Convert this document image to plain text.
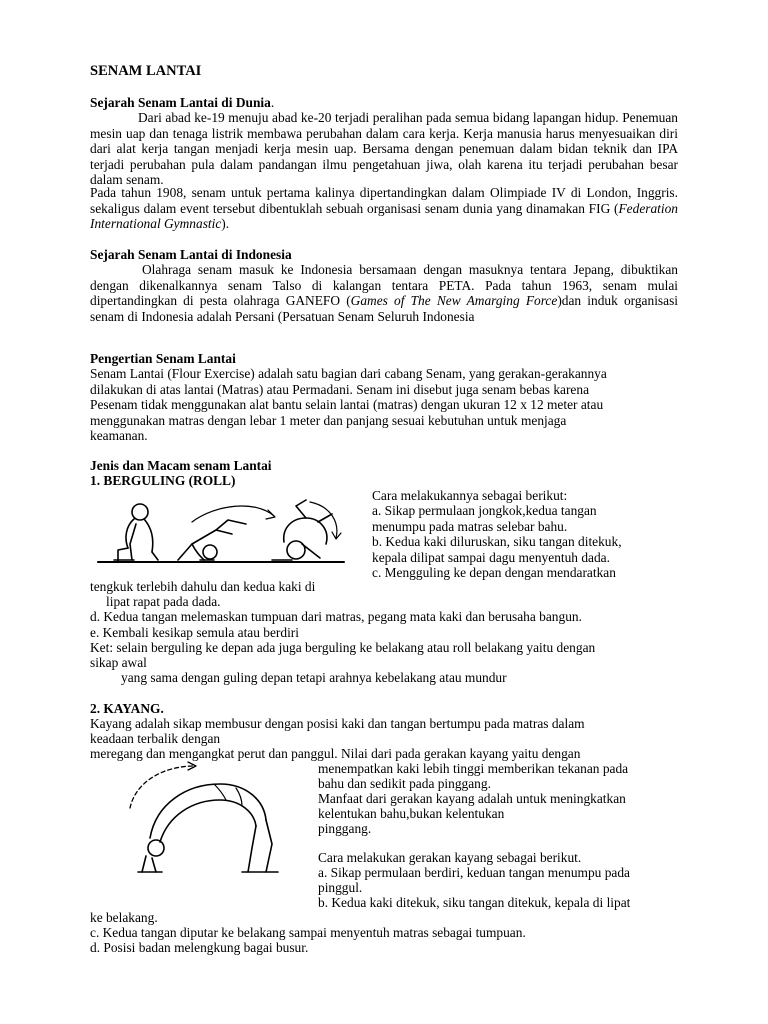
SENAM LANTAI
Sejarah Senam Lantai di Dunia.
Dari abad ke-19 menuju abad ke-20 terjadi peralihan pada semua bidang lapangan hidup. Penemuan mesin uap dan tenaga listrik membawa perubahan dalam cara kerja. Kerja manusia harus menyesuaikan diri dari alat kerja tangan menjadi kerja mesin uap. Bersama dengan penemuan dalam bidan teknik dan IPA terjadi perubahan pula dalam pandangan ilmu pengetahuan jiwa, olah karena itu terjadi perubahan besar dalam senam.
Pada tahun 1908, senam untuk pertama kalinya dipertandingkan dalam Olimpiade IV di London, Inggris. sekaligus dalam event tersebut dibentuklah sebuah organisasi senam dunia yang dinamakan FIG (Federation International Gymnastic).
Sejarah Senam Lantai di Indonesia
Olahraga senam masuk ke Indonesia bersamaan dengan masuknya tentara Jepang, dibuktikan dengan dikenalkannya senam Talso di kalangan tentara PETA. Pada tahun 1963, senam mulai dipertandingkan di pesta olahraga GANEFO (Games of The New Amarging Force)dan induk organisasi senam di Indonesia adalah Persani (Persatuan Senam Seluruh Indonesia
Pengertian Senam Lantai
Senam Lantai (Flour Exercise) adalah satu bagian dari cabang Senam, yang gerakan-gerakannya
dilakukan di atas lantai (Matras) atau Permadani. Senam ini disebut juga senam bebas karena
Pesenam tidak menggunakan alat bantu selain lantai (matras) dengan ukuran 12 x 12 meter atau
menggunakan matras dengan lebar 1 meter dan panjang sesuai kebutuhan untuk menjaga
keamanan.
Jenis dan Macam senam Lantai
1. BERGULING (ROLL)
Cara melakukannya sebagai berikut:
a. Sikap permulaan jongkok,kedua tangan
menumpu pada matras selebar bahu.
b. Kedua kaki diluruskan, siku tangan ditekuk,
kepala dilipat sampai dagu menyentuh dada.
c. Mengguling ke depan dengan mendaratkan
tengkuk terlebih dahulu dan kedua kaki di
lipat rapat pada dada.
d. Kedua tangan melemaskan tumpuan dari matras, pegang mata kaki dan berusaha bangun.
e. Kembali kesikap semula atau berdiri
Ket: selain berguling ke depan ada juga berguling ke belakang atau roll belakang yaitu dengan
sikap awal
yang sama dengan guling depan tetapi arahnya kebelakang atau mundur
2. KAYANG.
Kayang adalah sikap membusur dengan posisi kaki dan tangan bertumpu pada matras dalam
keadaan terbalik dengan
meregang dan mengangkat perut dan panggul. Nilai dari pada gerakan kayang yaitu dengan
menempatkan kaki lebih tinggi memberikan tekanan pada
bahu dan sedikit pada pinggang.
Manfaat dari gerakan kayang adalah untuk meningkatkan
kelentukan bahu,bukan kelentukan
pinggang.
Cara melakukan gerakan kayang sebagai berikut.
a. Sikap permulaan berdiri, keduan tangan menumpu pada
pinggul.
b. Kedua kaki ditekuk, siku tangan ditekuk, kepala di lipat
ke belakang.
c. Kedua tangan diputar ke belakang sampai menyentuh matras sebagai tumpuan.
d. Posisi badan melengkung bagai busur.
